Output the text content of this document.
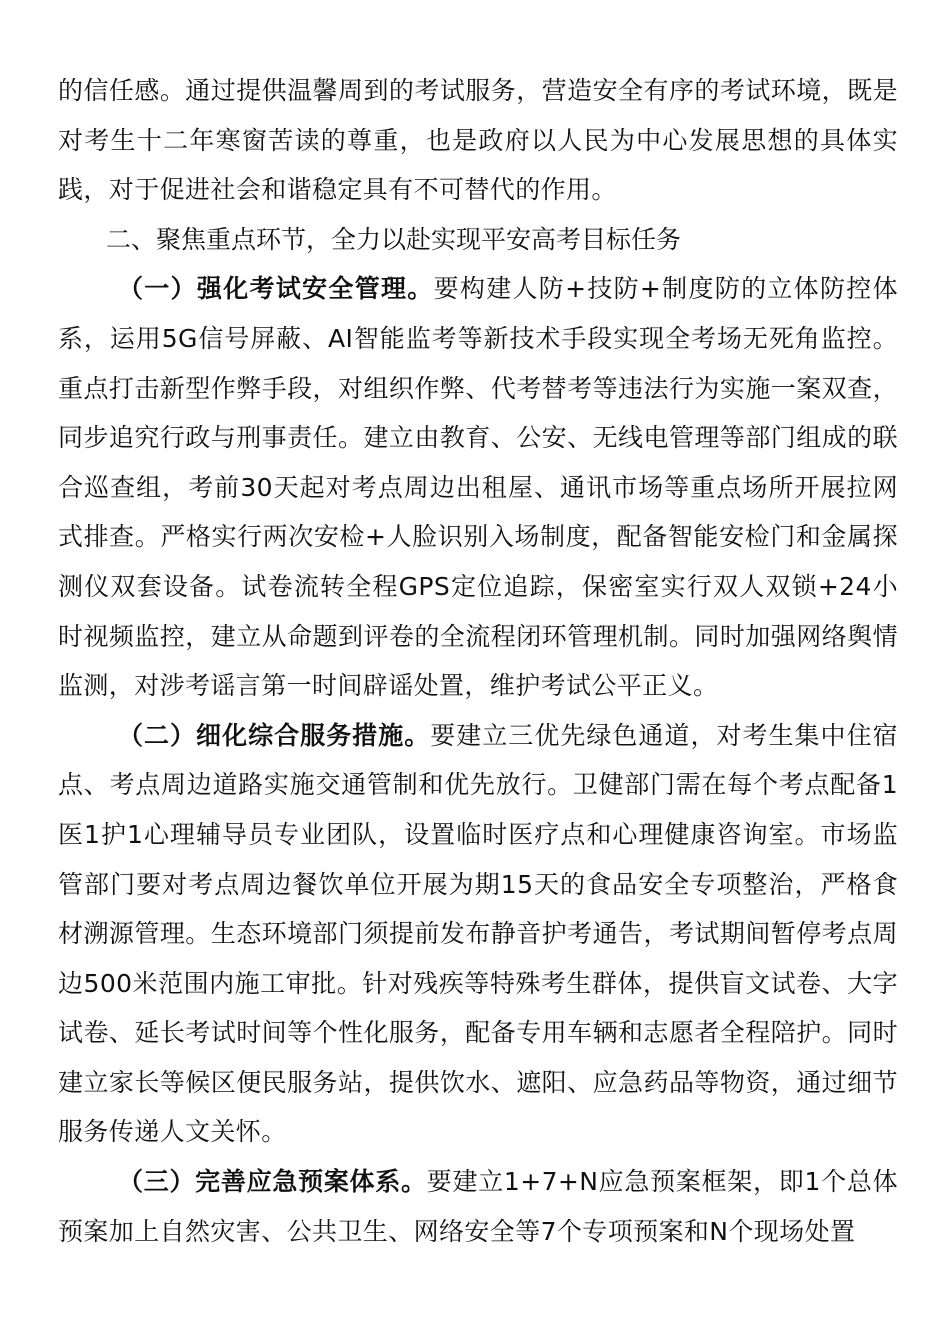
的信任感。通过提供温馨周到的考试服务，营造安全有序的考试环境，既是对考生十二年寒窗苦读的尊重，也是政府以人民为中心发展思想的具体实践，对于促进社会和谐稳定具有不可替代的作用。

二、聚焦重点环节，全力以赴实现平安高考目标任务

（一）强化考试安全管理。要构建人防+技防+制度防的立体防控体系，运用5G信号屏蔽、AI智能监考等新技术手段实现全考场无死角监控。重点打击新型作弊手段，对组织作弊、代考替考等违法行为实施一案双查，同步追究行政与刑事责任。建立由教育、公安、无线电管理等部门组成的联合巡查组，考前30天起对考点周边出租屋、通讯市场等重点场所开展拉网式排查。严格实行两次安检+人脸识别入场制度，配备智能安检门和金属探测仪双套设备。试卷流转全程GPS定位追踪，保密室实行双人双锁+24小时视频监控，建立从命题到评卷的全流程闭环管理机制。同时加强网络舆情监测，对涉考谣言第一时间辟谣处置，维护考试公平正义。

（二）细化综合服务措施。要建立三优先绿色通道，对考生集中住宿点、考点周边道路实施交通管制和优先放行。卫健部门需在每个考点配备1医1护1心理辅导员专业团队，设置临时医疗点和心理健康咨询室。市场监管部门要对考点周边餐饮单位开展为期15天的食品安全专项整治，严格食材溯源管理。生态环境部门须提前发布静音护考通告，考试期间暂停考点周边500米范围内施工审批。针对残疾等特殊考生群体，提供盲文试卷、大字试卷、延长考试时间等个性化服务，配备专用车辆和志愿者全程陪护。同时建立家长等候区便民服务站，提供饮水、遮阳、应急药品等物资，通过细节服务传递人文关怀。

（三）完善应急预案体系。要建立1+7+N应急预案框架，即1个总体预案加上自然灾害、公共卫生、网络安全等7个专项预案和N个现场处置
